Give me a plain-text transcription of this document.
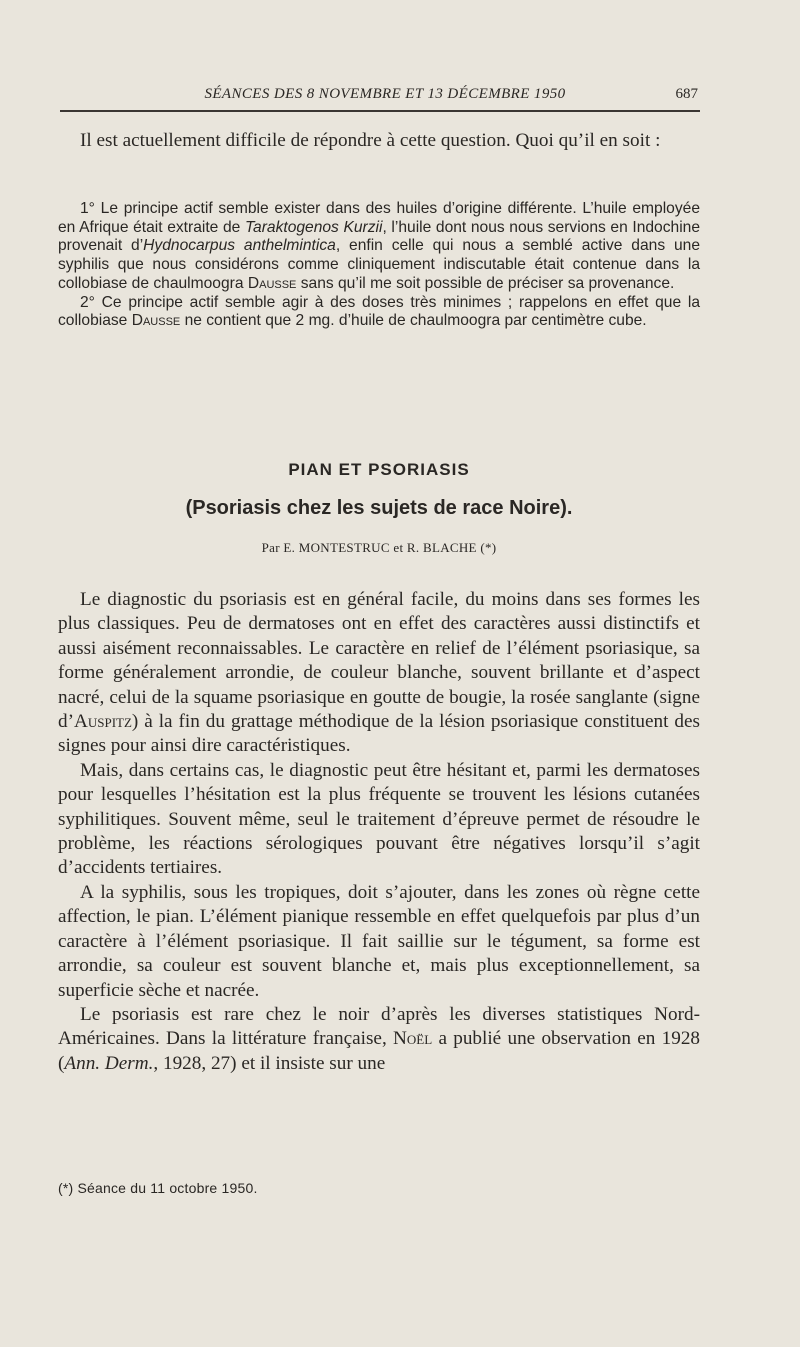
SÉANCES DES 8 NOVEMBRE ET 13 DÉCEMBRE 1950	687

Il est actuellement difficile de répondre à cette question. Quoi qu’il en soit :

1° Le principe actif semble exister dans des huiles d’origine différente. L’huile employée en Afrique était extraite de Taraktogenos Kurzii, l’huile dont nous nous servions en Indochine provenait d’Hydnocarpus anthelmintica, enfin celle qui nous a semblé active dans une syphilis que nous considérons comme cliniquement indiscutable était contenue dans la collobiase de chaulmoogra Dausse sans qu’il me soit possible de préciser sa provenance.

2° Ce principe actif semble agir à des doses très minimes ; rappelons en effet que la collobiase Dausse ne contient que 2 mg. d’huile de chaulmoogra par centimètre cube.

PIAN ET PSORIASIS
(Psoriasis chez les sujets de race Noire).
Par E. MONTESTRUC et R. BLACHE (*)

Le diagnostic du psoriasis est en général facile, du moins dans ses formes les plus classiques. Peu de dermatoses ont en effet des caractères aussi distinctifs et aussi aisément reconnaissables. Le caractère en relief de l’élément psoriasique, sa forme généralement arrondie, de couleur blanche, souvent brillante et d’aspect nacré, celui de la squame psoriasique en goutte de bougie, la rosée sanglante (signe d’Auspitz) à la fin du grattage méthodique de la lésion psoriasique constituent des signes pour ainsi dire caractéristiques.

Mais, dans certains cas, le diagnostic peut être hésitant et, parmi les dermatoses pour lesquelles l’hésitation est la plus fréquente se trouvent les lésions cutanées syphilitiques. Souvent même, seul le traitement d’épreuve permet de résoudre le problème, les réactions sérologiques pouvant être négatives lorsqu’il s’agit d’accidents tertiaires.

A la syphilis, sous les tropiques, doit s’ajouter, dans les zones où règne cette affection, le pian. L’élément pianique ressemble en effet quelquefois par plus d’un caractère à l’élément psoriasique. Il fait saillie sur le tégument, sa forme est arrondie, sa couleur est souvent blanche et, mais plus exceptionnellement, sa superficie sèche et nacrée.

Le psoriasis est rare chez le noir d’après les diverses statistiques Nord-Américaines. Dans la littérature française, Noël a publié une observation en 1928 (Ann. Derm., 1928, 27) et il insiste sur une

(*) Séance du 11 octobre 1950.
